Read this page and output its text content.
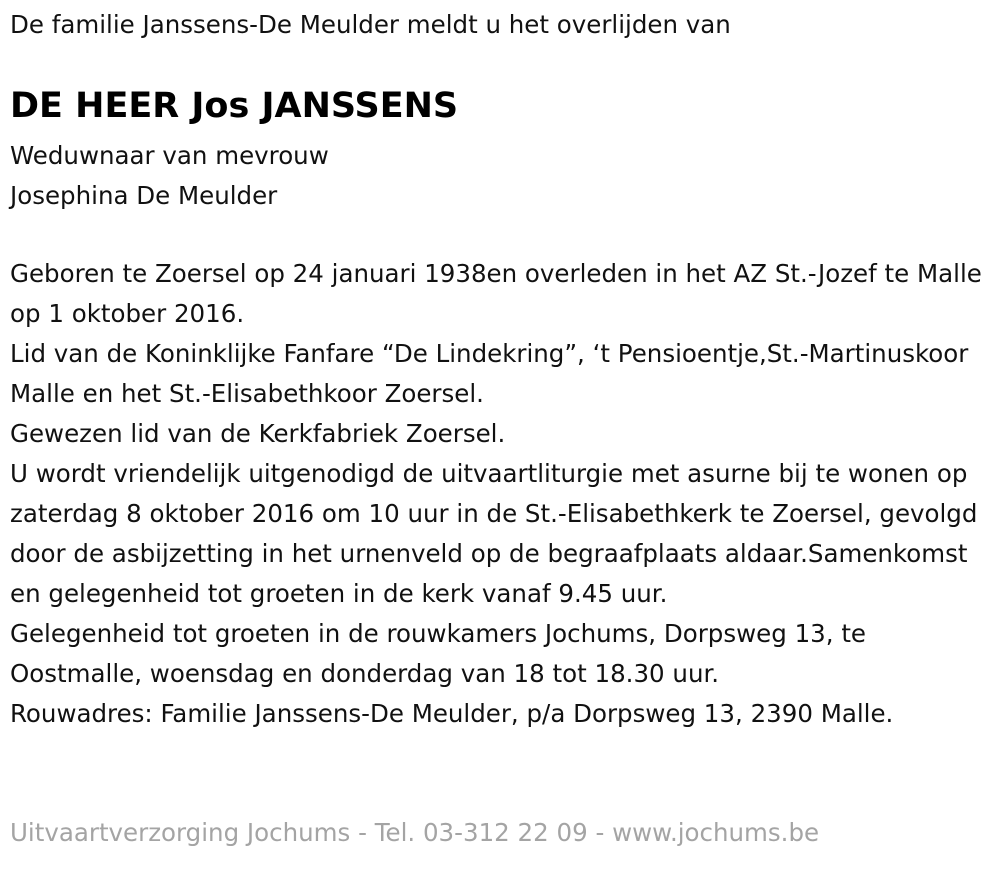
De familie Janssens-De Meulder meldt u het overlijden van
DE HEER Jos JANSSENS
Weduwnaar van mevrouw
Josephina De Meulder

Geboren te Zoersel op 24 januari 1938en overleden in het AZ St.-Jozef te Malle op 1 oktober 2016.

Lid van de Koninklijke Fanfare “De Lindekring”, ‘t Pensioentje,St.-Martinuskoor Malle en het St.-Elisabethkoor Zoersel.

Gewezen lid van de Kerkfabriek Zoersel.

U wordt vriendelijk uitgenodigd de uitvaartliturgie met asurne bij te wonen op zaterdag 8 oktober 2016 om 10 uur in de St.-Elisabethkerk te Zoersel, gevolgd door de asbijzetting in het urnenveld op de begraafplaats aldaar.Samenkomst en gelegenheid tot groeten in de kerk vanaf 9.45 uur.

Gelegenheid tot groeten in de rouwkamers Jochums, Dorpsweg 13, te Oostmalle, woensdag en donderdag van 18 tot 18.30 uur.

Rouwadres: Familie Janssens-De Meulder, p/a Dorpsweg 13, 2390 Malle.

Uitvaartverzorging Jochums - Tel. 03-312 22 09 - www.jochums.be
